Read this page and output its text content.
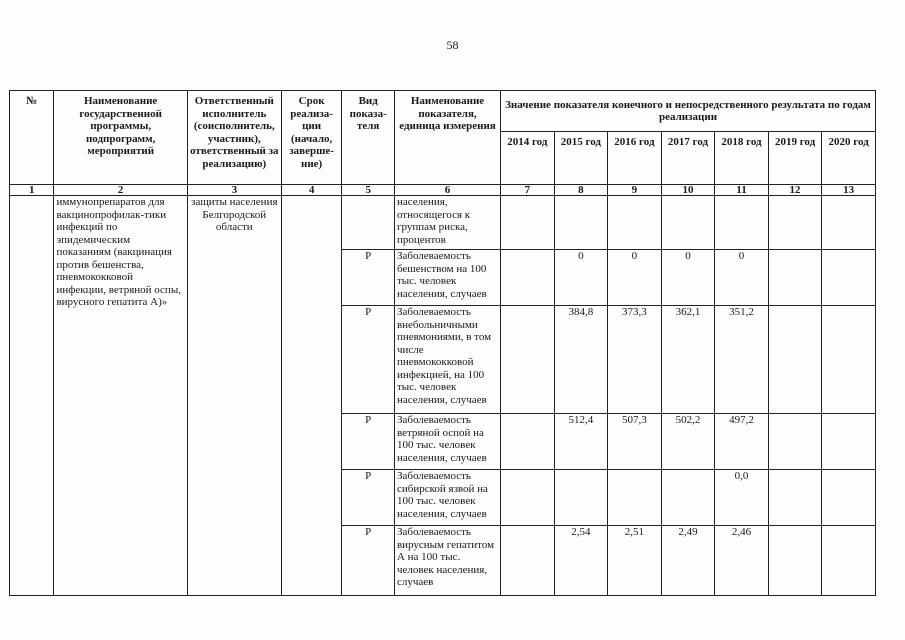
58
№	Наименование государственной программы, подпрограмм, мероприятий	Ответственный исполнитель (соисполнитель, участник), ответственный за реализацию)	Срок реализа-ции (начало, заверше-ние)	Вид показа-теля	Наименование показателя, единица измерения	Значение показателя конечного и непосредственного результата по годам реализации						
						2014 год	2015 год	2016 год	2017 год	2018 год	2019 год	2020 год
1	2	3	4	5	6	7	8	9	10	11	12	13
	иммунопрепаратов для вакцинопрофилак-тики инфекций по эпидемическим показаниям (вакцинация против бешенства, пневмококковой инфекции, ветряной оспы, вирусного гепатита А)»	защиты населения Белгородской области			населения, относящегося к группам риска, процентов							
				Р	Заболеваемость бешенством на 100 тыс. человек населения, случаев		0	0	0	0		
				Р	Заболеваемость внебольничными пневмониями, в том числе пневмококковой инфекцией, на 100 тыс. человек населения, случаев		384,8	373,3	362,1	351,2		
				Р	Заболеваемость ветряной оспой на 100 тыс. человек населения, случаев		512,4	507,3	502,2	497,2		
				Р	Заболеваемость сибирской язвой на 100 тыс. человек населения, случаев					0,0		
				Р	Заболеваемость вирусным гепатитом А на 100 тыс. человек населения, случаев		2,54	2,51	2,49	2,46		
